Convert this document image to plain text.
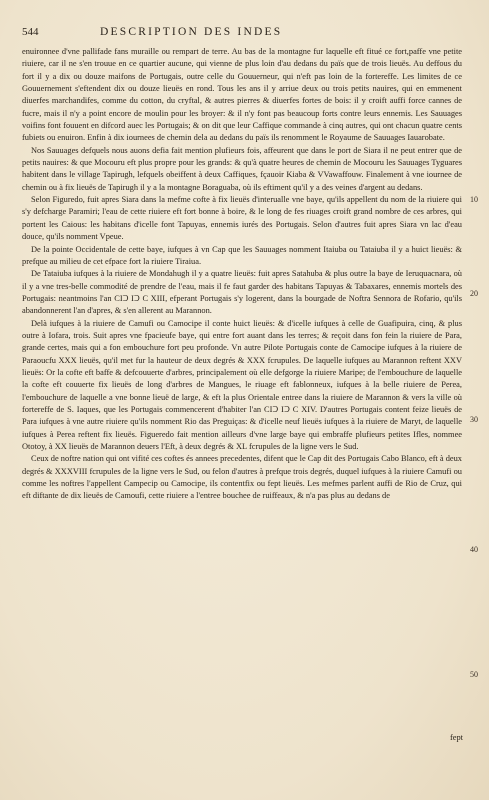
544	DESCRIPTION DES INDES

enuironnee d'vne pallifade fans muraille ou rempart de terre. Au bas de la montagne fur laquelle eft fitué ce fort,paffe vne petite riuiere, car il ne s'en trouue en ce quartier aucune, qui vienne de plus loin d'au dedans du païs que de trois lieuës. Au deffous du fort il y a dix ou douze maifons de Portugais, outre celle du Gouuerneur, qui n'eft pas loin de la fortereffe. Les limites de ce Gouuernement s'eftendent dix ou douze lieuës en rond. Tous les ans il y arriue deux ou trois petits nauires, qui en emmenent diuerfes marchandifes, comme du cotton, du cryftal, & autres pierres & diuerfes fortes de bois: il y croift auffi force cannes de fucre, mais il n'y a point encore de moulin pour les broyer: & il n'y font pas beaucoup forts contre leurs ennemis. Les Sauuages voifins font fouuent en difcord auec les Portugais; & on dit que leur Caffique commande à cinq autres, qui ont chacun quatre cents fubiets ou enuiron. Enfin à dix iournees de chemin dela au dedans du païs ils renomment le Royaume de Sauuages Iauarobate.

Nos Sauuages defquels nous auons defia fait mention plufieurs fois, affeurent que dans le port de Siara il ne peut entrer que de petits nauires: & que Mocouru eft plus propre pour les grands: & qu'à quatre heures de chemin de Mocouru les Sauuages Tyguares habitent dans le village Tapirugh, lefquels obeiffent à deux Caffiques, fçauoir Kiaba & VVawaffouw. Finalement à vne iournee de chemin ou à fix lieuës de Tapirugh il y a la montagne Boraguaba, où ils eftiment qu'il y a des veines d'argent au dedans.

Selon Figuredo, fuit apres Siara dans la mefme cofte à fix lieuës d'interualle vne baye, qu'ils appellent du nom de la riuiere qui s'y defcharge Paramiri; l'eau de cette riuiere eft fort bonne à boire, & le long de fes riuages croift grand nombre de ces arbres, qui portent les Caious: les habitans d'icelle font Tapuyas, ennemis iurés des Portugais. Selon d'autres fuit apres Siara vn lac d'eau douce, qu'ils nomment Vpeue.

De la pointe Occidentale de cette baye, iufques à vn Cap que les Sauuages nomment Itaiuba ou Tataiuba il y a huict lieuës: & prefque au milieu de cet efpace fort la riuiere Tiraiua.

De Tataiuba iufques à la riuiere de Mondahugh il y a quatre lieuës: fuit apres Satahuba & plus outre la baye de Ieruquacnara, où il y a vne tres-belle commodité de prendre de l'eau, mais il fe faut garder des habitans Tapuyas & Tabaxares, ennemis mortels des Portugais: neantmoins l'an CIↃ IↃ C XIII, efperant Portugais s'y logerent, dans la bourgade de Noftra Sennora de Rofario, qu'ils abandonnerent l'an d'apres, & s'en allerent au Marannon.

Delà iufques à la riuiere de Camufi ou Camocipe il conte huict lieuës: & d'icelle iufques à celle de Guafipuira, cinq, & plus outre à Iofara, trois. Suit apres vne fpacieufe baye, qui entre fort auant dans les terres; & reçoit dans fon fein la riuiere de Para, grande certes, mais qui a fon embouchure fort peu profonde. Vn autre Pilote Portugais conte de Camocipe iufques à la riuiere de Paraoucfu XXX lieuës, qu'il met fur la hauteur de deux degrés & XXX fcrupules. De laquelle iufques au Marannon reftent XXV lieuës: Or la cofte eft baffe & defcouuerte d'arbres, principalement où elle defgorge la riuiere Maripe; de l'embouchure de laquelle la cofte eft couuerte fix lieuës de long d'arbres de Mangues, le riuage eft fablonneux, iufques à la belle riuiere de Perea, l'embouchure de laquelle a vne bonne lieuë de large, & eft la plus Orientale entree dans la riuiere de Marannon & vers la ville où fortereffe de S. Iaques, que les Portugais commencerent d'habiter l'an CIↃ IↃ C XIV. D'autres Portugais content feize lieuës de Para iufques à vne autre riuiere qu'ils nomment Rio das Preguiças: & d'icelle neuf lieuës iufques à la riuiere de Maryt, de laquelle iufques à Perea reftent fix lieuës. Figueredo fait mention ailleurs d'vne large baye qui embraffe plufieurs petites Ifles, nommee Ototoy, à XX lieuës de Marannon deuers l'Eft, à deux degrés & XL fcrupules de la ligne vers le Sud.

Ceux de noftre nation qui ont vifité ces coftes és annees precedentes, difent que le Cap dit des Portugais Cabo Blanco, eft à deux degrés & XXXVIII fcrupules de la ligne vers le Sud, ou felon d'autres à prefque trois degrés, duquel iufques à la riuiere Camufi ou comme les noftres l'appellent Campecip ou Camocipe, ils contentfix ou fept lieuës. Les mefmes parlent auffi de Rio de Cruz, qui eft diftante de dix lieuës de Camoufi, cette riuiere a l'entree bouchee de ruiffeaux, & n'a pas plus au dedans de

10
20
30
40
50
fept
